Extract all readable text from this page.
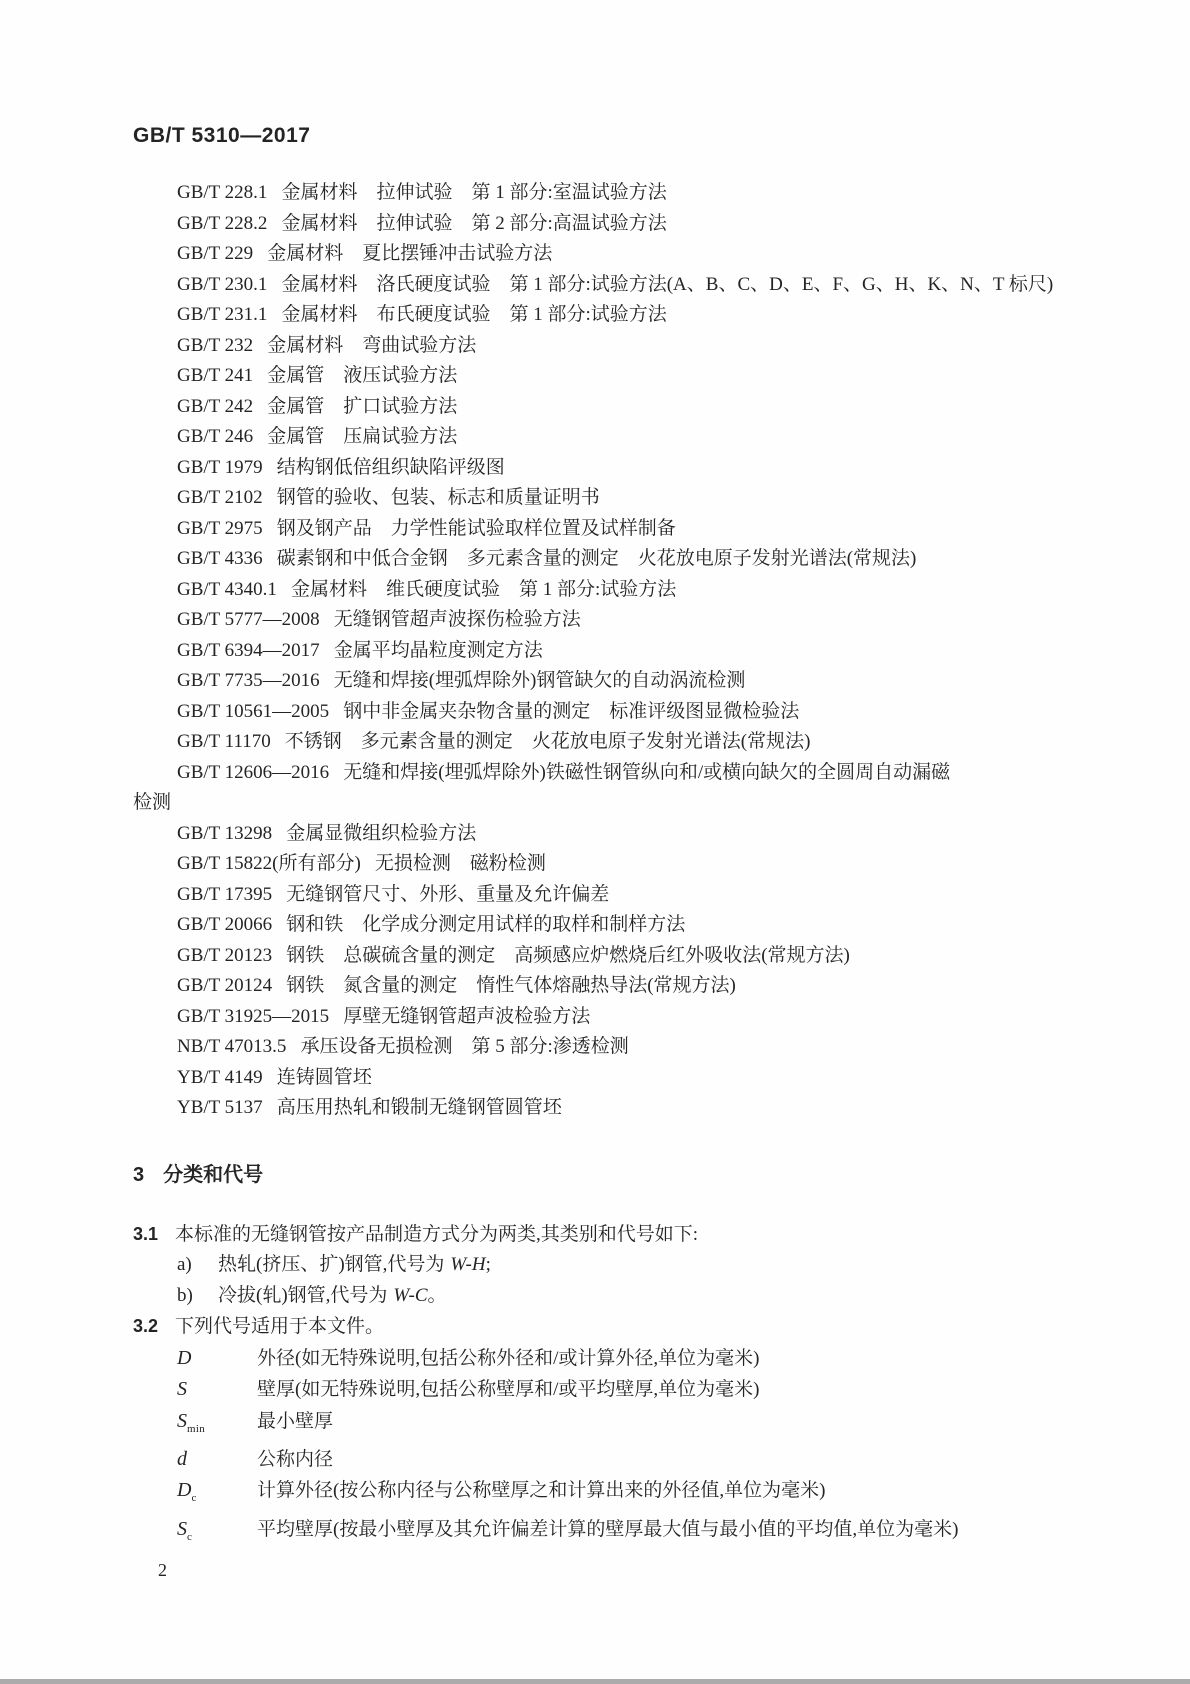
GB/T 5310—2017
GB/T 228.1 金属材料　拉伸试验　第 1 部分:室温试验方法
GB/T 228.2 金属材料　拉伸试验　第 2 部分:高温试验方法
GB/T 229 金属材料　夏比摆锤冲击试验方法
GB/T 230.1 金属材料　洛氏硬度试验　第 1 部分:试验方法(A、B、C、D、E、F、G、H、K、N、T 标尺)
GB/T 231.1 金属材料　布氏硬度试验　第 1 部分:试验方法
GB/T 232 金属材料　弯曲试验方法
GB/T 241 金属管　液压试验方法
GB/T 242 金属管　扩口试验方法
GB/T 246 金属管　压扁试验方法
GB/T 1979 结构钢低倍组织缺陷评级图
GB/T 2102 钢管的验收、包装、标志和质量证明书
GB/T 2975 钢及钢产品　力学性能试验取样位置及试样制备
GB/T 4336 碳素钢和中低合金钢　多元素含量的测定　火花放电原子发射光谱法(常规法)
GB/T 4340.1 金属材料　维氏硬度试验　第 1 部分:试验方法
GB/T 5777—2008 无缝钢管超声波探伤检验方法
GB/T 6394—2017 金属平均晶粒度测定方法
GB/T 7735—2016 无缝和焊接(埋弧焊除外)钢管缺欠的自动涡流检测
GB/T 10561—2005 钢中非金属夹杂物含量的测定　标准评级图显微检验法
GB/T 11170 不锈钢　多元素含量的测定　火花放电原子发射光谱法(常规法)
GB/T 12606—2016 无缝和焊接(埋弧焊除外)铁磁性钢管纵向和/或横向缺欠的全圆周自动漏磁
检测
GB/T 13298 金属显微组织检验方法
GB/T 15822(所有部分) 无损检测　磁粉检测
GB/T 17395 无缝钢管尺寸、外形、重量及允许偏差
GB/T 20066 钢和铁　化学成分测定用试样的取样和制样方法
GB/T 20123 钢铁　总碳硫含量的测定　高频感应炉燃烧后红外吸收法(常规方法)
GB/T 20124 钢铁　氮含量的测定　惰性气体熔融热导法(常规方法)
GB/T 31925—2015 厚壁无缝钢管超声波检验方法
NB/T 47013.5 承压设备无损检测　第 5 部分:渗透检测
YB/T 4149 连铸圆管坯
YB/T 5137 高压用热轧和锻制无缝钢管圆管坯
3 分类和代号
3.1 本标准的无缝钢管按产品制造方式分为两类,其类别和代号如下:
a) 热轧(挤压、扩)钢管,代号为 W-H;
b) 冷拔(轧)钢管,代号为 W-C。
3.2 下列代号适用于本文件。
D	外径(如无特殊说明,包括公称外径和/或计算外径,单位为毫米)
S	壁厚(如无特殊说明,包括公称壁厚和/或平均壁厚,单位为毫米)
$S_{min}$	最小壁厚
d	公称内径
$D_c$	计算外径(按公称内径与公称壁厚之和计算出来的外径值,单位为毫米)
$S_c$	平均壁厚(按最小壁厚及其允许偏差计算的壁厚最大值与最小值的平均值,单位为毫米)
2
